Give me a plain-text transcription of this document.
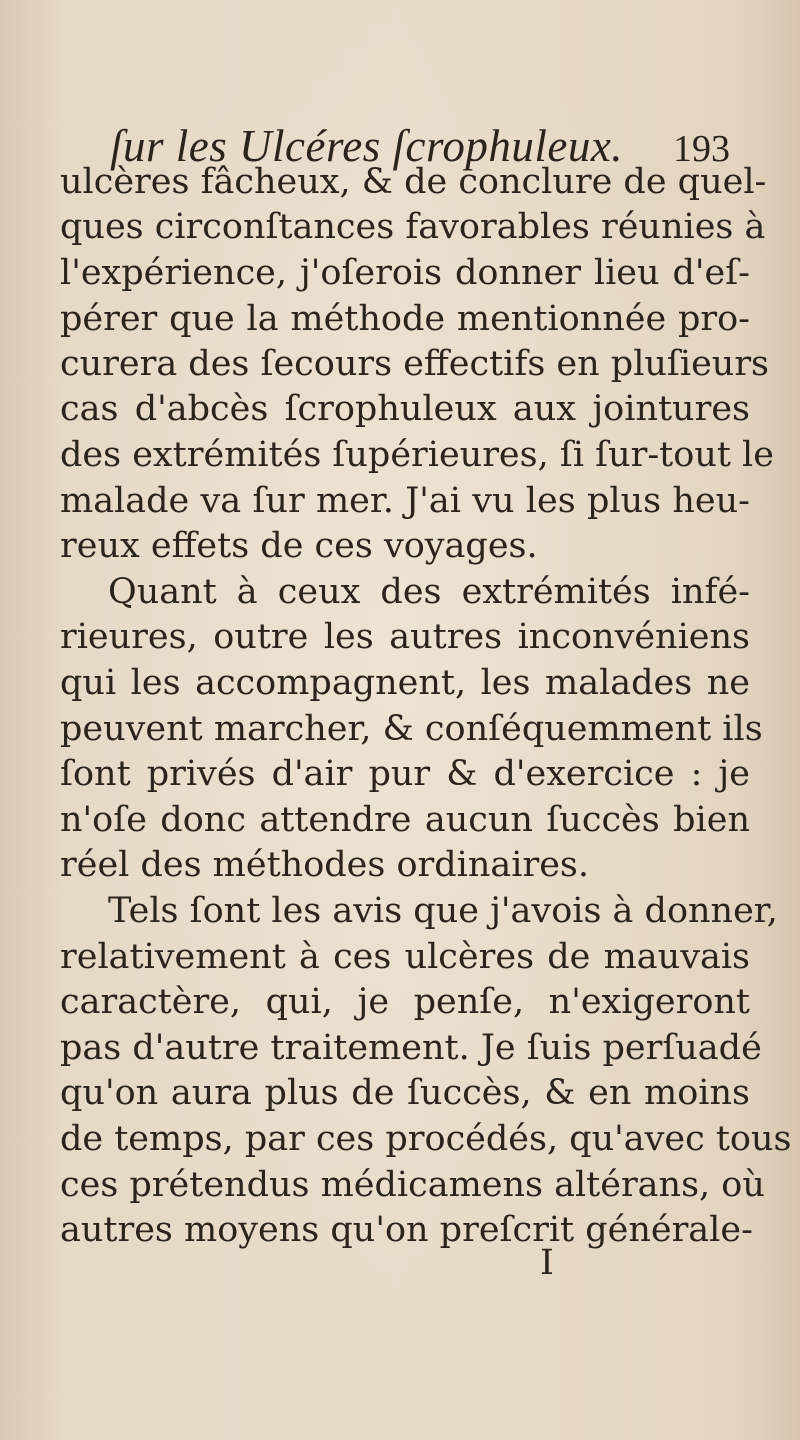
ſur les Ulcéres ſcrophuleux. 193
ulcères fâcheux, & de conclure de quel-
ques circonſtances favorables réunies à
l'expérience, j'oſerois donner lieu d'eſ-
pérer que la méthode mentionnée pro-
curera des ſecours effectifs en pluſieurs
cas d'abcès ſcrophuleux aux jointures
des extrémités ſupérieures, ſi ſur-tout le
malade va ſur mer. J'ai vu les plus heu-
reux effets de ces voyages.
Quant à ceux des extrémités infé-
rieures, outre les autres inconvéniens
qui les accompagnent, les malades ne
peuvent marcher, & conſéquemment ils
ſont privés d'air pur & d'exercice : je
n'oſe donc attendre aucun ſuccès bien
réel des méthodes ordinaires.
Tels ſont les avis que j'avois à donner,
relativement à ces ulcères de mauvais
caractère, qui, je penſe, n'exigeront
pas d'autre traitement. Je ſuis perſuadé
qu'on aura plus de ſuccès, & en moins
de temps, par ces procédés, qu'avec tous
ces prétendus médicamens altérans, où
autres moyens qu'on preſcrit générale-
I
